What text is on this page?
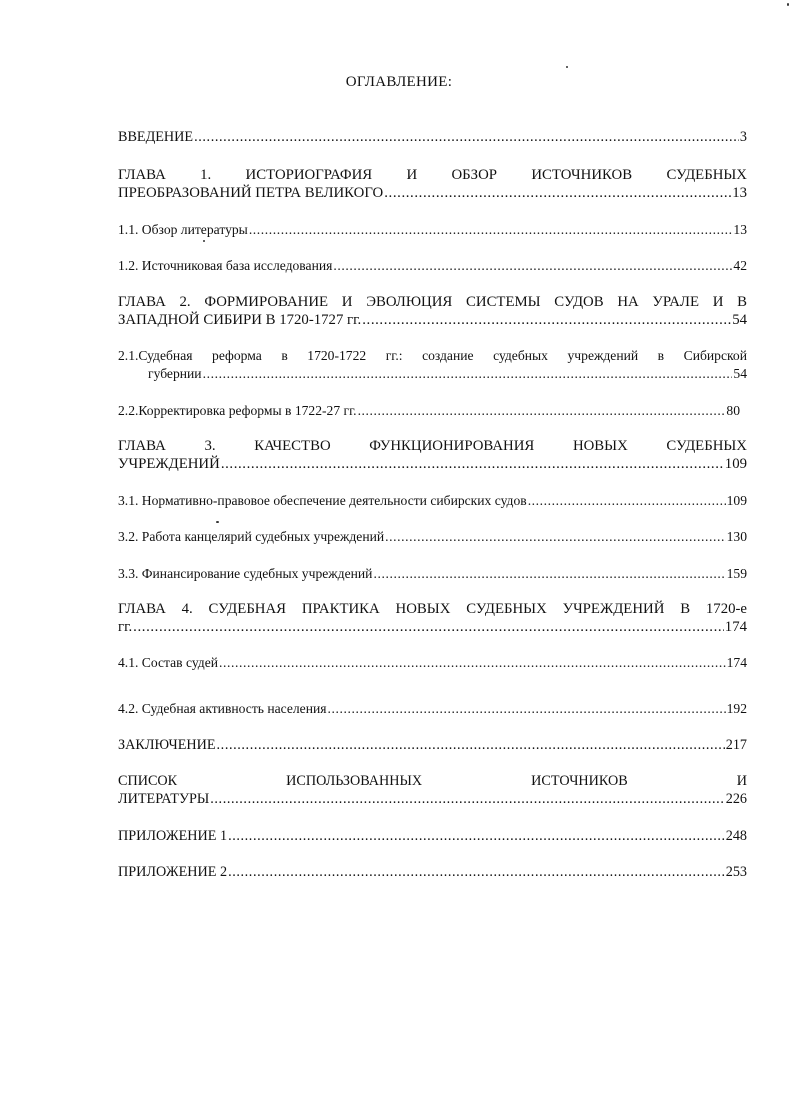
ОГЛАВЛЕНИЕ:
ВВЕДЕНИЕ .....	3
ГЛАВА 1. ИСТОРИОГРАФИЯ И ОБЗОР ИСТОЧНИКОВ СУДЕБНЫХ
ПРЕОБРАЗОВАНИЙ ПЕТРА ВЕЛИКОГО .....	13
1.1. Обзор литературы .....	13
1.2. Источниковая база исследования .....	42
ГЛАВА 2. ФОРМИРОВАНИЕ И ЭВОЛЮЦИЯ СИСТЕМЫ СУДОВ НА УРАЛЕ И В
ЗАПАДНОЙ СИБИРИ В 1720-1727 гг. .....	54
2.1.Судебная реформа в 1720-1722 гг.: создание судебных учреждений в Сибирской
губернии .....	54
2.2.Корректировка реформы в 1722-27 гг. .....	80
ГЛАВА 3. КАЧЕСТВО ФУНКЦИОНИРОВАНИЯ НОВЫХ СУДЕБНЫХ
УЧРЕЖДЕНИЙ .....	109
3.1. Нормативно-правовое обеспечение деятельности сибирских судов .....	109
3.2. Работа канцелярий судебных учреждений .....	130
3.3. Финансирование судебных учреждений .....	159
ГЛАВА 4. СУДЕБНАЯ ПРАКТИКА НОВЫХ СУДЕБНЫХ УЧРЕЖДЕНИЙ В 1720-е
гг. .....	174
4.1. Состав судей .....	174
4.2. Судебная активность населения .....	192
ЗАКЛЮЧЕНИЕ .....	217
СПИСОК ИСПОЛЬЗОВАННЫХ ИСТОЧНИКОВ И
ЛИТЕРАТУРЫ .....	226
ПРИЛОЖЕНИЕ 1 .....	248
ПРИЛОЖЕНИЕ 2 .....	253
